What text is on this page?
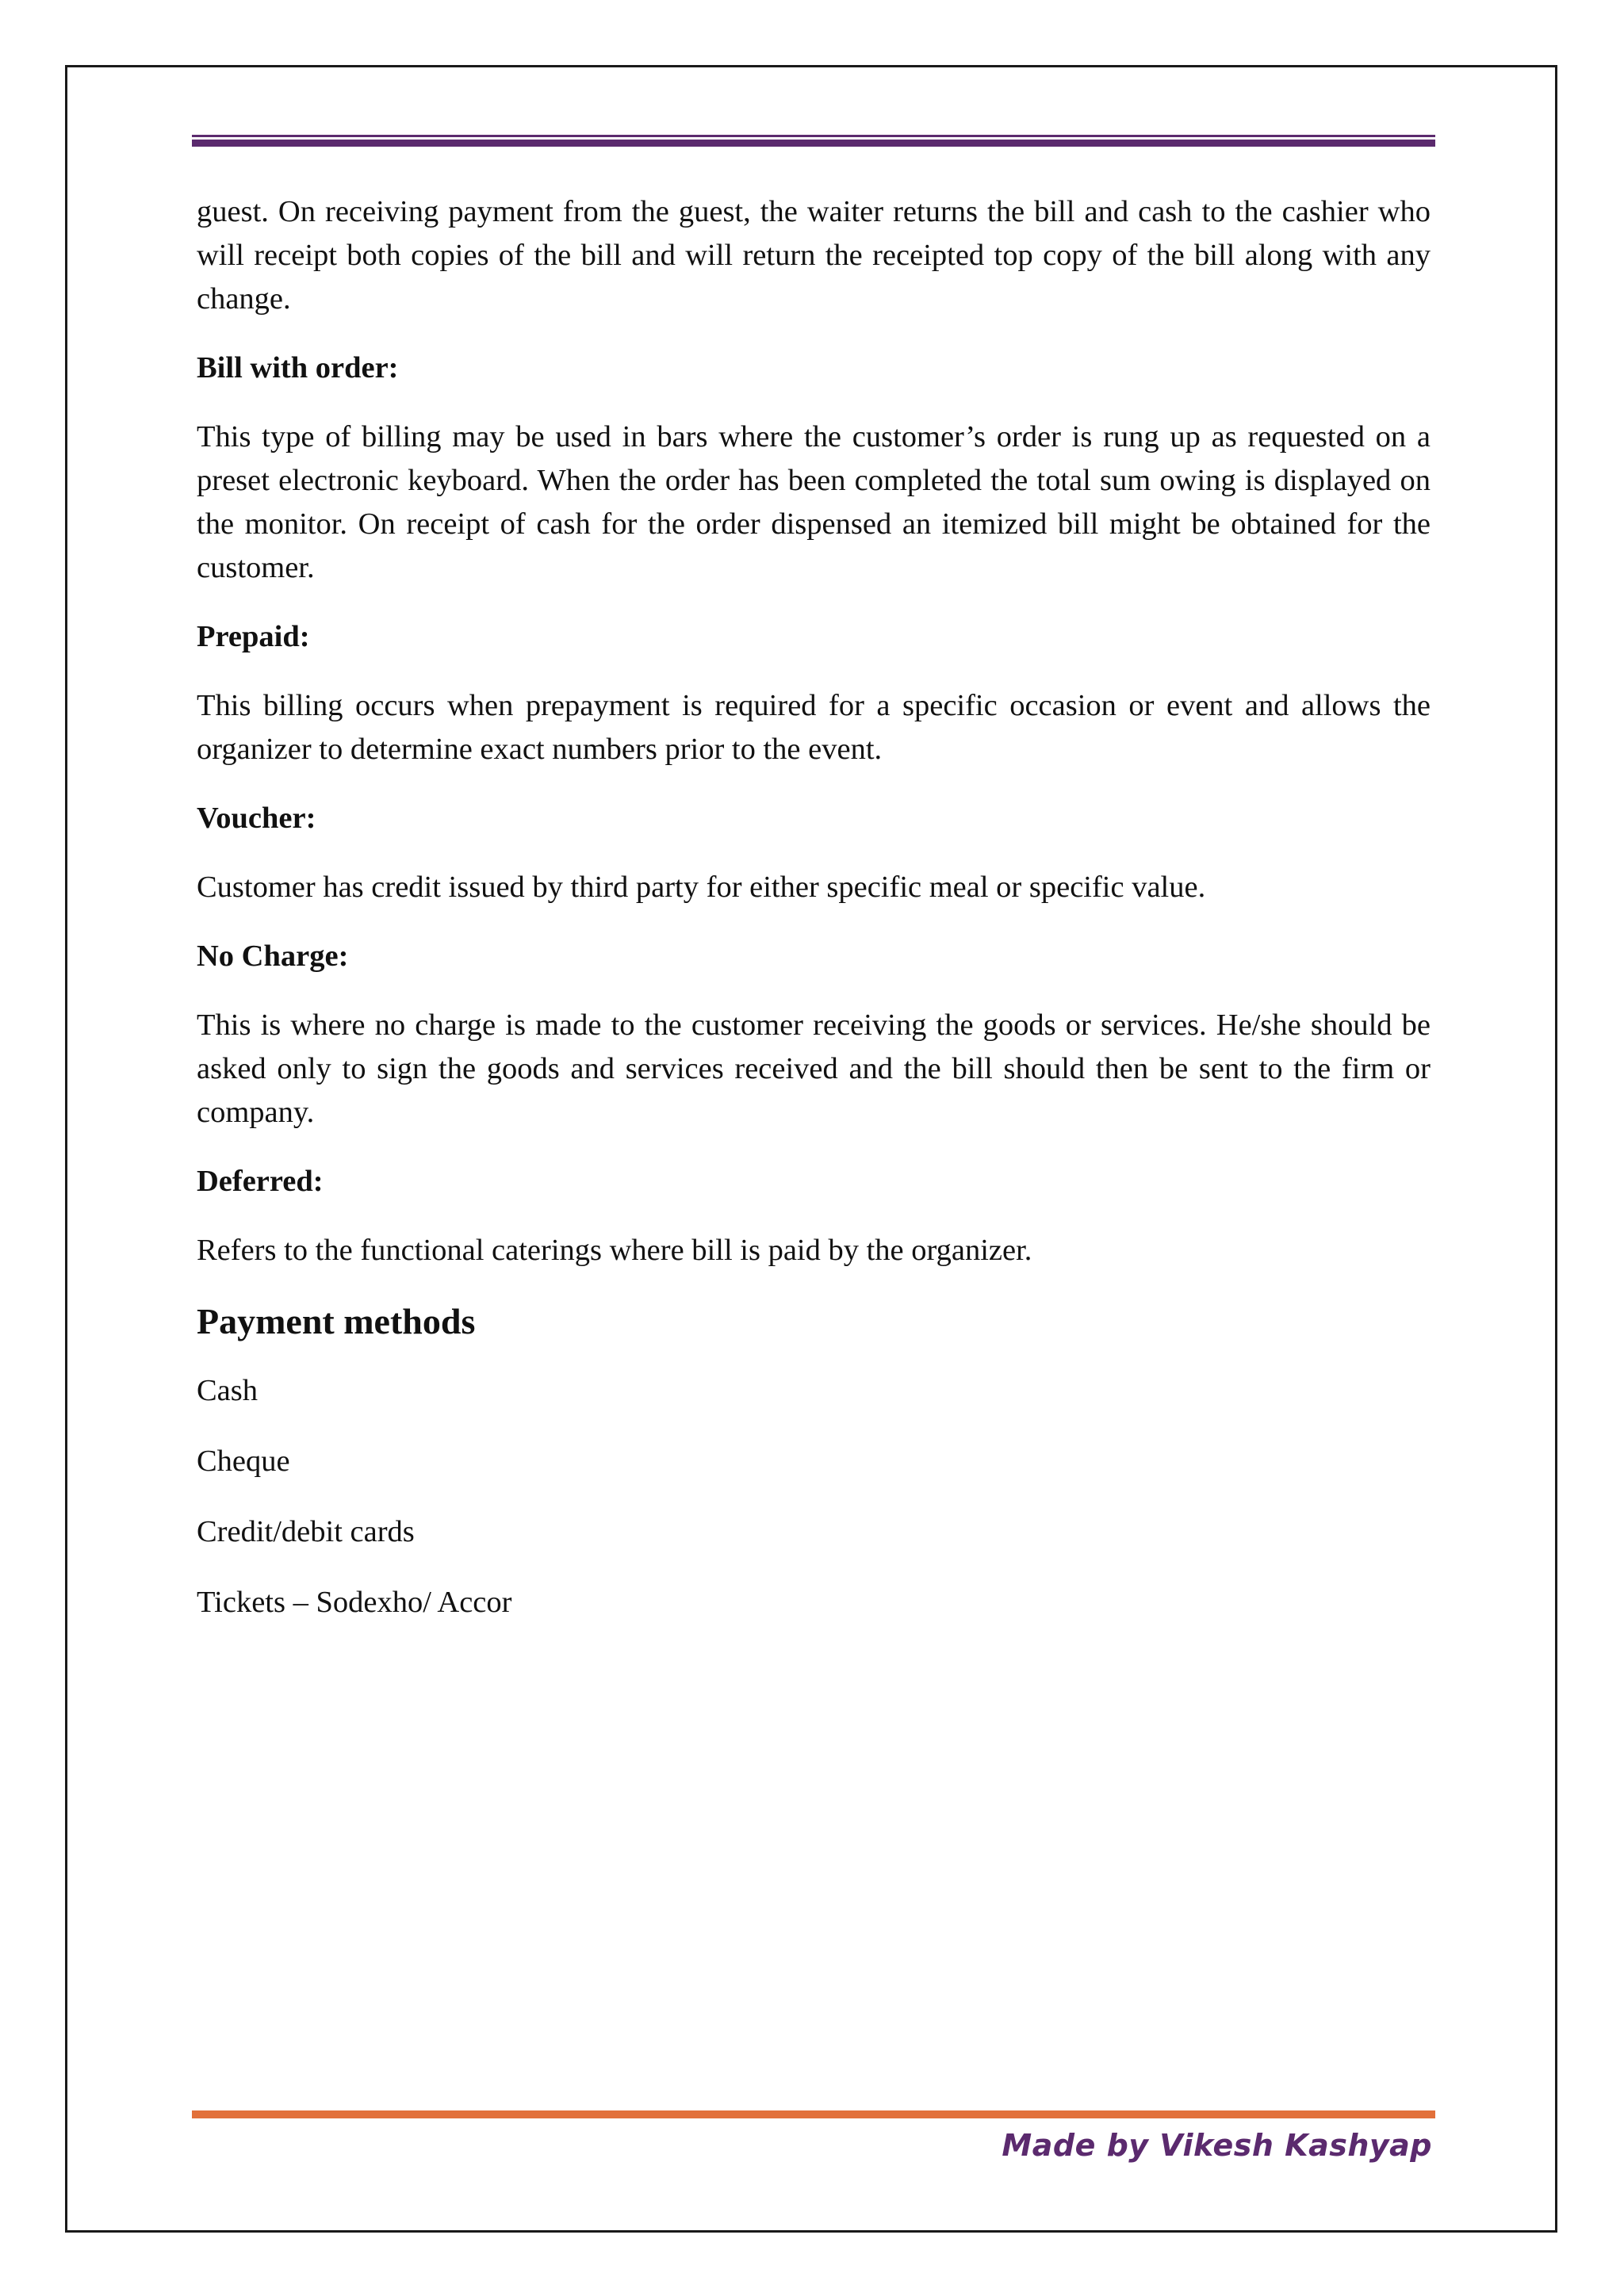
guest. On receiving payment from the guest, the waiter returns the bill and cash to the cashier who will receipt both copies of the bill and will return the receipted top copy of the bill along with any change.

Bill with order:

This type of billing may be used in bars where the customer’s order is rung up as requested on a preset electronic keyboard. When the order has been completed the total sum owing is displayed on the monitor. On receipt of cash for the order dispensed an itemized bill might be obtained for the customer.

Prepaid:

This billing occurs when prepayment is required for a specific occasion or event and allows the organizer to determine exact numbers prior to the event.

Voucher:

Customer has credit issued by third party for either specific meal or specific value.

No Charge:

This is where no charge is made to the customer receiving the goods or services. He/she should be asked only to sign the goods and services received and the bill should then be sent to the firm or company.

Deferred:

Refers to the functional caterings where bill is paid by the organizer.

Payment methods

Cash

Cheque

Credit/debit cards

Tickets – Sodexho/ Accor

Made by Vikesh Kashyap
